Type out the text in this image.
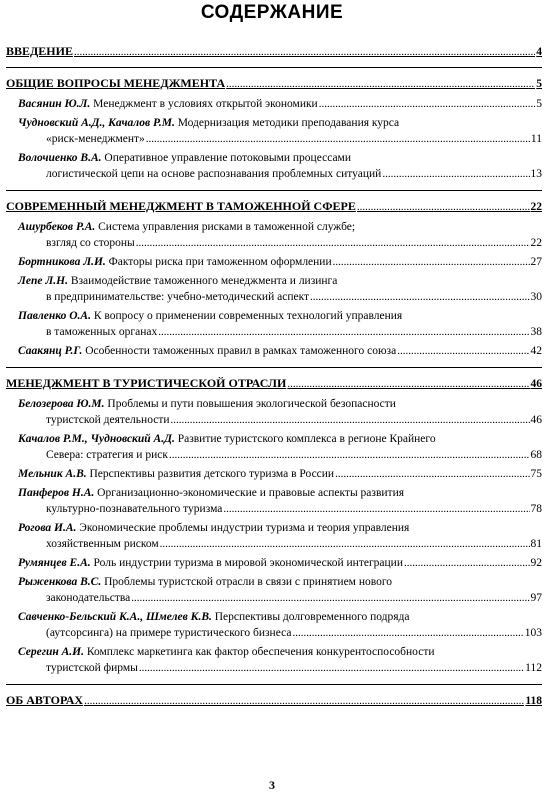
СОДЕРЖАНИЕ
ВВЕДЕНИЕ .....	4
ОБЩИЕ ВОПРОСЫ МЕНЕДЖМЕНТА .....	5
Васянин Ю.Л. Менеджмент в условиях открытой экономики .....	5
Чудновский А.Д., Качалов Р.М. Модернизация методики преподавания курса
«риск-менеджмент» .....	11
Волочиенко В.А. Оперативное управление потоковыми процессами
логистической цепи на основе распознавания проблемных ситуаций .....	13
СОВРЕМЕННЫЙ МЕНЕДЖМЕНТ В ТАМОЖЕННОЙ СФЕРЕ .....	22
Ашурбеков Р.А. Система управления рисками в таможенной службе;
взгляд со стороны .....	22
Бортникова Л.И. Факторы риска при таможенном оформлении .....	27
Лепе Л.Н. Взаимодействие таможенного менеджмента и лизинга
в предпринимательстве: учебно-методический аспект .....	30
Павленко О.А. К вопросу о применении современных технологий управления
в таможенных органах .....	38
Саакянц Р.Г. Особенности таможенных правил в рамках таможенного союза .....	42
МЕНЕДЖМЕНТ В ТУРИСТИЧЕСКОЙ ОТРАСЛИ .....	46
Белозерова Ю.М. Проблемы и пути повышения экологической безопасности
туристской деятельности .....	46
Качалов Р.М., Чудновский А.Д. Развитие туристского комплекса в регионе Крайнего
Севера: стратегия и риск .....	68
Мельник А.В. Перспективы развития детского туризма в России .....	75
Панферов Н.А. Организационно-экономические и правовые аспекты развития
культурно-познавательного туризма .....	78
Рогова И.А. Экономические проблемы индустрии туризма и теория управления
хозяйственным риском .....	81
Румянцев Е.А. Роль индустрии туризма в мировой экономической интеграции .....	92
Рыженкова В.С. Проблемы туристской отрасли в связи с принятием нового
законодательства .....	97
Савченко-Бельский К.А., Шмелев К.В. Перспективы долговременного подряда
(аутсорсинга) на примере туристического бизнеса .....	103
Серегин А.И. Комплекс маркетинга как фактор обеспечения конкурентоспособности
туристской фирмы .....	112
ОБ АВТОРАХ .....	118
3
